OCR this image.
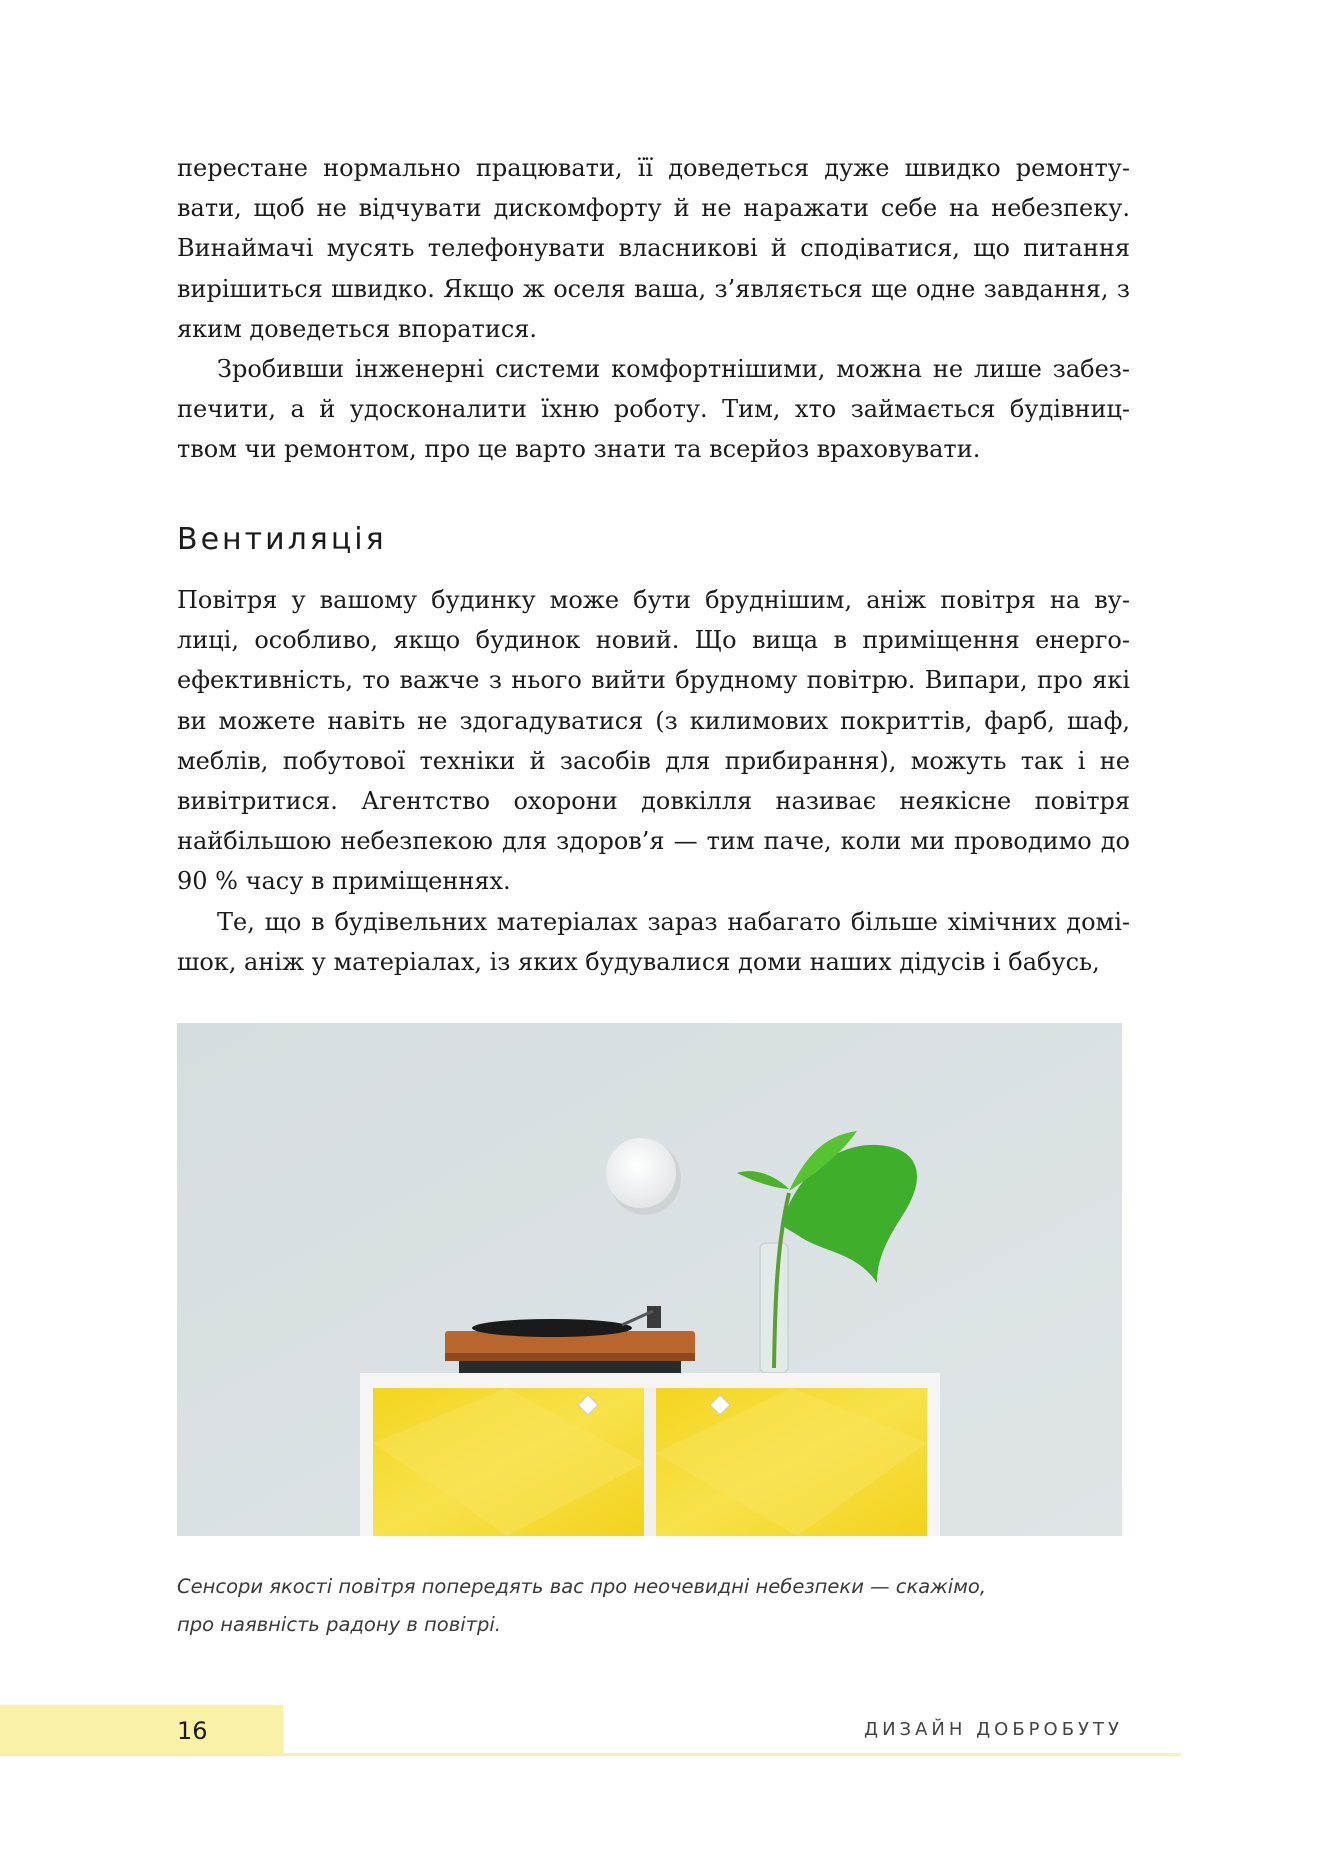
перестане нормально працювати, її доведеться дуже швидко ремонту- вати, щоб не відчувати дискомфорту й не наражати себе на небезпеку. Винаймачі мусять телефонувати власникові й сподіватися, що питання вирішиться швидко. Якщо ж оселя ваша, з’являється ще одне завдання, з яким доведеться впоратися.

Зробивши інженерні системи комфортнішими, можна не лише забез- печити, а й удосконалити їхню роботу. Тим, хто займається будівниц- твом чи ремонтом, про це варто знати та всерйоз враховувати.

Вентиляція

Повітря у вашому будинку може бути бруднішим, аніж повітря на ву- лиці, особливо, якщо будинок новий. Що вища в приміщення енерго- ефективність, то важче з нього вийти брудному повітрю. Випари, про які ви можете навіть не здогадуватися (з килимових покриттів, фарб, шаф, меблів, побутової техніки й засобів для прибирання), можуть так і не вивітритися. Агентство охорони довкілля називає неякісне повітря найбільшою небезпекою для здоров’я — тим паче, коли ми проводимо до 90 % часу в приміщеннях.

Те, що в будівельних матеріалах зараз набагато більше хімічних домі- шок, аніж у матеріалах, із яких будувалися доми наших дідусів і бабусь,

Сенсори якості повітря попередять вас про неочевидні небезпеки — скажімо,

про наявність радону в повітрі.

16	ДИЗАЙН ДОБРОБУТУ
